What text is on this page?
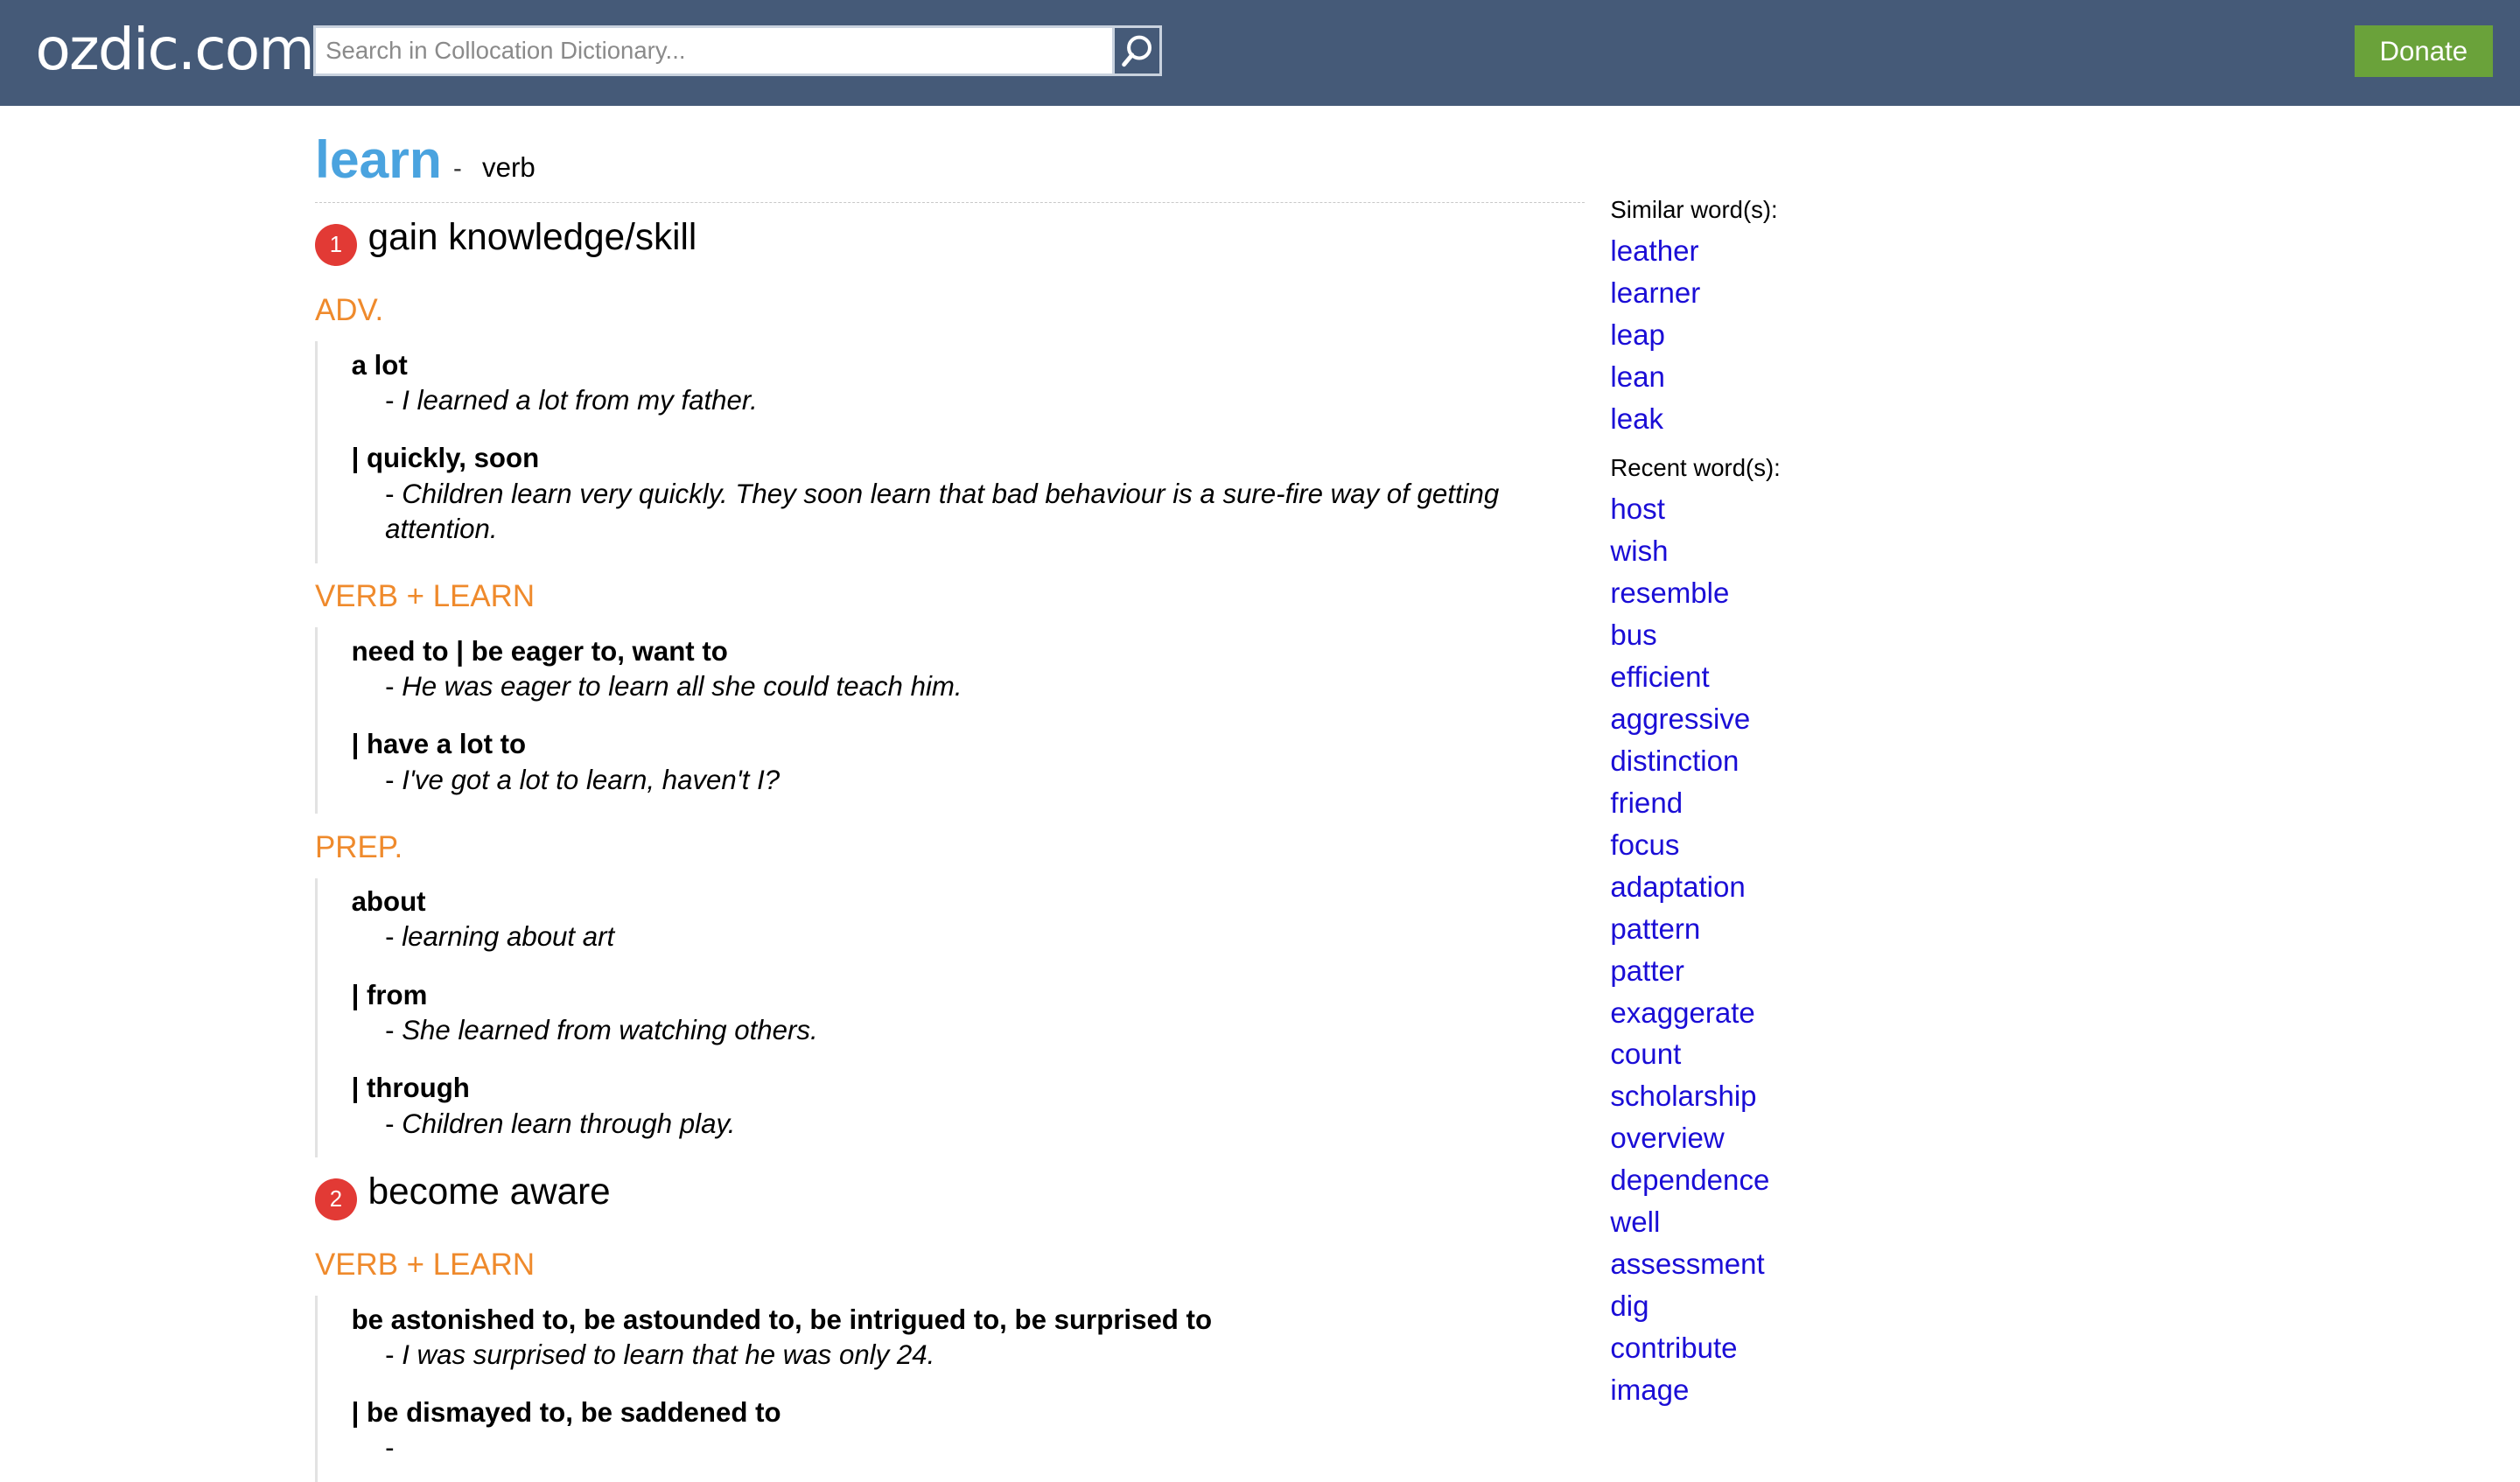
ozdic.com
Search in Collocation Dictionary...	Donate
learn - verb
1	gain knowledge/skill
ADV.
a lot
- I learned a lot from my father.
| quickly, soon
- Children learn very quickly. They soon learn that bad behaviour is a sure-fire way of getting attention.
VERB + LEARN
need to | be eager to, want to
- He was eager to learn all she could teach him.
| have a lot to
- I've got a lot to learn, haven't I?
PREP.
about
- learning about art
| from
- She learned from watching others.
| through
- Children learn through play.
2	become aware
VERB + LEARN
be astonished to, be astounded to, be intrigued to, be surprised to
- I was surprised to learn that he was only 24.
| be dismayed to, be saddened to
-
Similar word(s):
leather
learner
leap
lean
leak
Recent word(s):
host
wish
resemble
bus
efficient
aggressive
distinction
friend
focus
adaptation
pattern
patter
exaggerate
count
scholarship
overview
dependence
well
assessment
dig
contribute
image
